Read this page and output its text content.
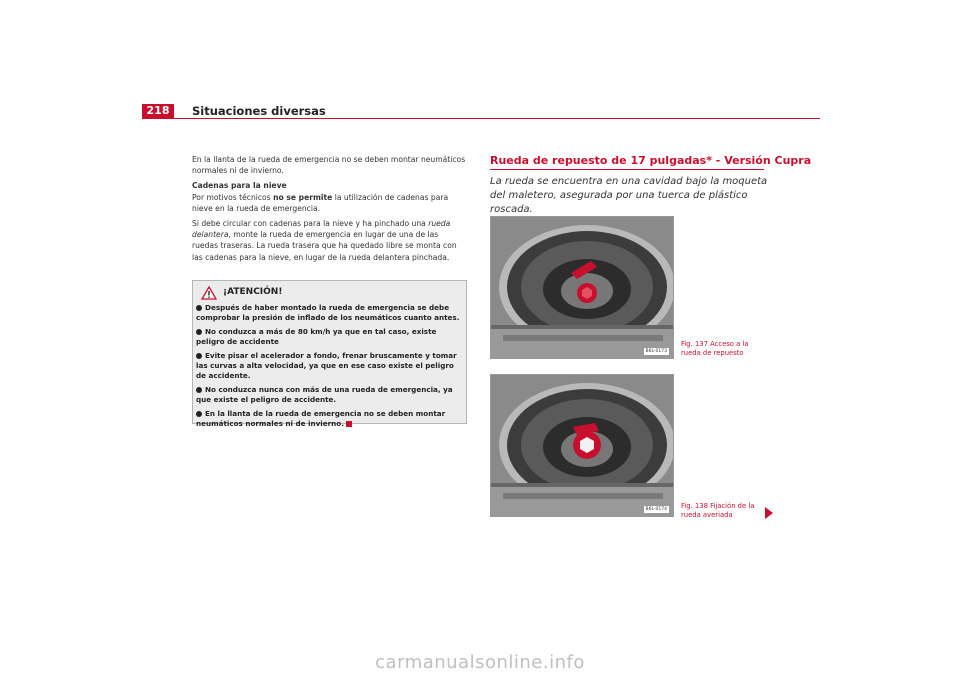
218	Situaciones diversas

En la llanta de la rueda de emergencia no se deben montar neumáticos normales ni de invierno.

Cadenas para la nieve
Por motivos técnicos no se permite la utilización de cadenas para nieve en la rueda de emergencia.

Si debe circular con cadenas para la nieve y ha pinchado una rueda delantera, monte la rueda de emergencia en lugar de una de las ruedas traseras. La rueda trasera que ha quedado libre se monta con las cadenas para la nieve, en lugar de la rueda delantera pinchada.

¡ATENCIÓN!
Después de haber montado la rueda de emergencia se debe comprobar la presión de inflado de los neumáticos cuanto antes.
No conduzca a más de 80 km/h ya que en tal caso, existe peligro de accidente
Evite pisar el acelerador a fondo, frenar bruscamente y tomar las curvas a alta velocidad, ya que en ese caso existe el peligro de accidente.
No conduzca nunca con más de una rueda de emergencia, ya que existe el peligro de accidente.
En la llanta de la rueda de emergencia no se deben montar neumáticos normales ni de invierno.
Rueda de repuesto de 17 pulgadas* - Versión Cupra
La rueda se encuentra en una cavidad bajo la moqueta del maletero, asegurada por una tuerca de plástico roscada.
B6L-0173
B6L-0174
Fig. 137 Acceso a la rueda de repuesto
Fig. 138 Fijación de la rueda averiada
carmanualsonline.info
